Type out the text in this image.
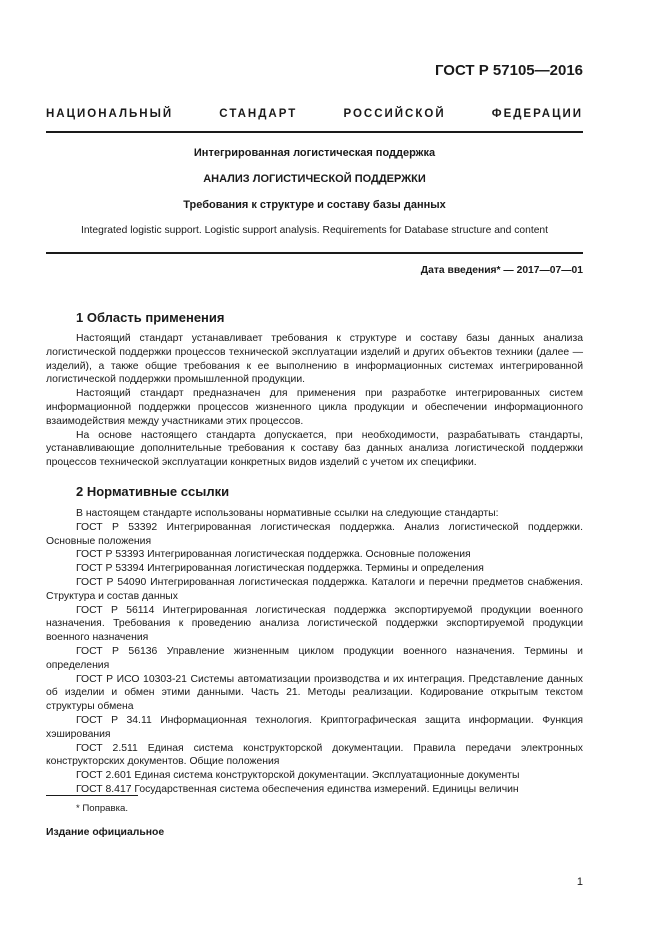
ГОСТ Р 57105—2016
НАЦИОНАЛЬНЫЙ СТАНДАРТ РОССИЙСКОЙ ФЕДЕРАЦИИ
Интегрированная логистическая поддержка
АНАЛИЗ ЛОГИСТИЧЕСКОЙ ПОДДЕРЖКИ
Требования к структуре и составу базы данных
Integrated logistic support. Logistic support analysis. Requirements for Database structure and content
Дата введения* — 2017—07—01
1 Область применения

Настоящий стандарт устанавливает требования к структуре и составу базы данных анализа логистической поддержки процессов технической эксплуатации изделий и других объектов техники (далее — изделий), а также общие требования к ее выполнению в информационных системах интегрированной логистической поддержки промышленной продукции.

Настоящий стандарт предназначен для применения при разработке интегрированных систем информационной поддержки процессов жизненного цикла продукции и обеспечении информационного взаимодействия между участниками этих процессов.

На основе настоящего стандарта допускается, при необходимости, разрабатывать стандарты, устанавливающие дополнительные требования к составу баз данных анализа логистической поддержки процессов технической эксплуатации конкретных видов изделий с учетом их специфики.

2 Нормативные ссылки

В настоящем стандарте использованы нормативные ссылки на следующие стандарты:

ГОСТ Р 53392 Интегрированная логистическая поддержка. Анализ логистической поддержки. Основные положения

ГОСТ Р 53393 Интегрированная логистическая поддержка. Основные положения

ГОСТ Р 53394 Интегрированная логистическая поддержка. Термины и определения

ГОСТ Р 54090 Интегрированная логистическая поддержка. Каталоги и перечни предметов снабжения. Структура и состав данных

ГОСТ Р 56114 Интегрированная логистическая поддержка экспортируемой продукции военного назначения. Требования к проведению анализа логистической поддержки экспортируемой продукции военного назначения

ГОСТ Р 56136 Управление жизненным циклом продукции военного назначения. Термины и определения

ГОСТ Р ИСО 10303-21 Системы автоматизации производства и их интеграция. Представление данных об изделии и обмен этими данными. Часть 21. Методы реализации. Кодирование открытым текстом структуры обмена

ГОСТ Р 34.11 Информационная технология. Криптографическая защита информации. Функция хэширования

ГОСТ 2.511 Единая система конструкторской документации. Правила передачи электронных конструкторских документов. Общие положения

ГОСТ 2.601 Единая система конструкторской документации. Эксплуатационные документы

ГОСТ 8.417 Государственная система обеспечения единства измерений. Единицы величин

* Поправка.
Издание официальное
1
